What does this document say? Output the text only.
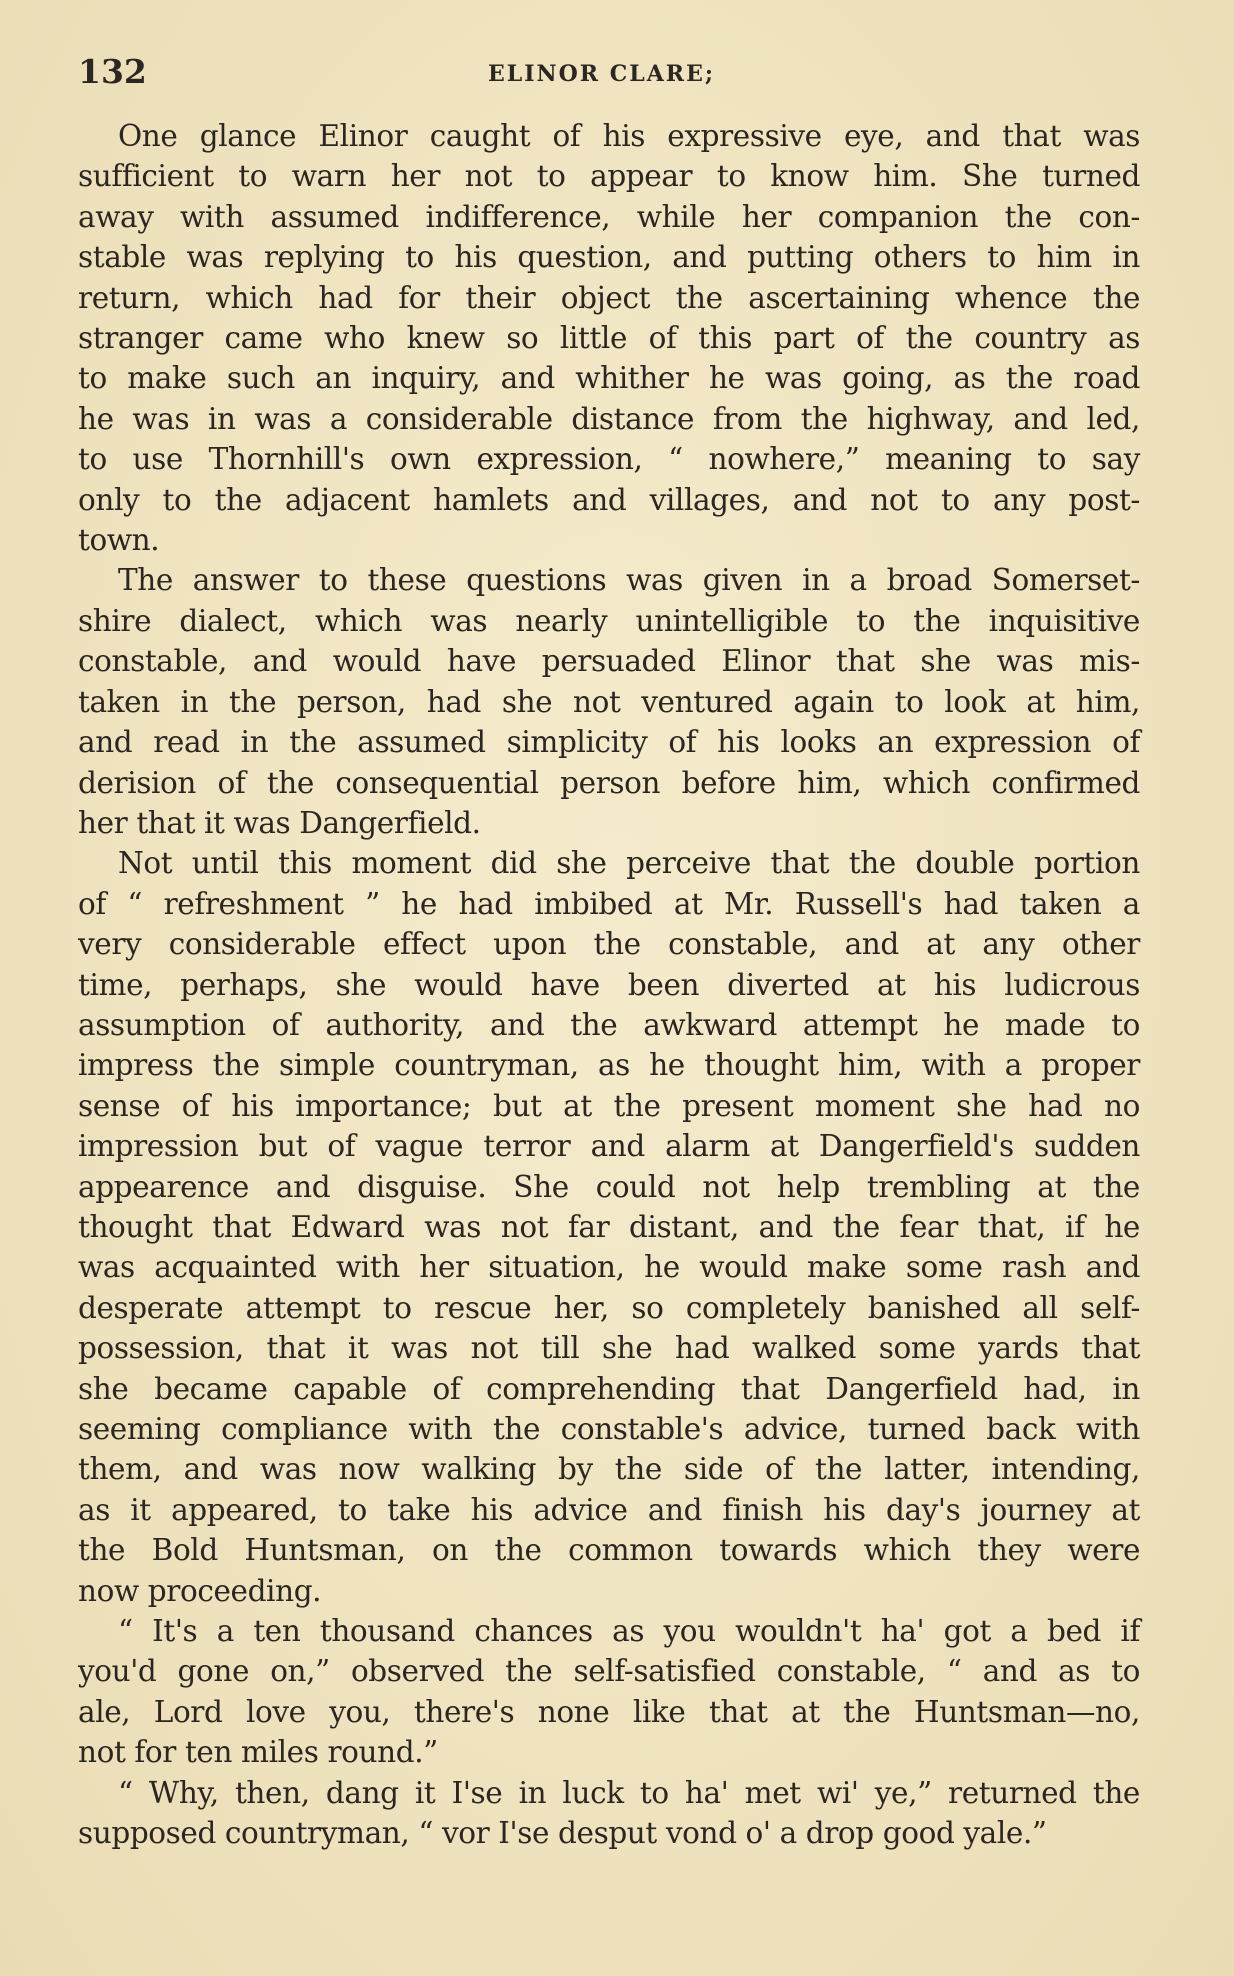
132	ELINOR CLARE;

One glance Elinor caught of his expressive eye, and that was
sufficient to warn her not to appear to know him. She turned
away with assumed indifference, while her companion the con-
stable was replying to his question, and putting others to him in
return, which had for their object the ascertaining whence the
stranger came who knew so little of this part of the country as
to make such an inquiry, and whither he was going, as the road
he was in was a considerable distance from the highway, and led,
to use Thornhill's own expression, “ nowhere,” meaning to say
only to the adjacent hamlets and villages, and not to any post-
town.

The answer to these questions was given in a broad Somerset-
shire dialect, which was nearly unintelligible to the inquisitive
constable, and would have persuaded Elinor that she was mis-
taken in the person, had she not ventured again to look at him,
and read in the assumed simplicity of his looks an expression of
derision of the consequential person before him, which confirmed
her that it was Dangerfield.

Not until this moment did she perceive that the double portion
of “ refreshment ” he had imbibed at Mr. Russell's had taken a
very considerable effect upon the constable, and at any other
time, perhaps, she would have been diverted at his ludicrous
assumption of authority, and the awkward attempt he made to
impress the simple countryman, as he thought him, with a proper
sense of his importance; but at the present moment she had no
impression but of vague terror and alarm at Dangerfield's sudden
appearence and disguise. She could not help trembling at the
thought that Edward was not far distant, and the fear that, if he
was acquainted with her situation, he would make some rash and
desperate attempt to rescue her, so completely banished all self-
possession, that it was not till she had walked some yards that
she became capable of comprehending that Dangerfield had, in
seeming compliance with the constable's advice, turned back with
them, and was now walking by the side of the latter, intending,
as it appeared, to take his advice and finish his day's journey at
the Bold Huntsman, on the common towards which they were
now proceeding.

“ It's a ten thousand chances as you wouldn't ha' got a bed if
you'd gone on,” observed the self-satisfied constable, “ and as to
ale, Lord love you, there's none like that at the Huntsman—no,
not for ten miles round.”

“ Why, then, dang it I'se in luck to ha' met wi' ye,” returned the
supposed countryman, “ vor I'se desput vond o' a drop good yale.”
